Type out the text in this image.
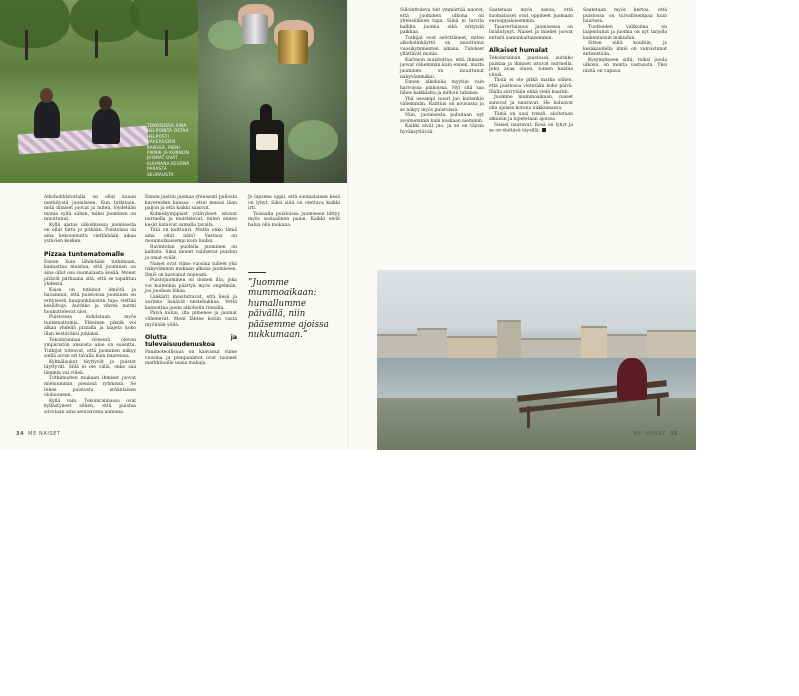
TOKOISISSA AINA HELPOINTA OSTAA HELPOSTI KAVEREIDEN KANSSA. PIENI PIKNIK JA KUNNON JUOMAT OVAT KUUMANA KESÄNÄ PARASTA SEURAUSTA.

Alkoholihistorialla on ollut kauan merkitystä juomiseen. Kun tutkitaan, mitä ihmiset juovat ja miten, löydetään monia syitä siihen, miksi juominen on muuttunut.

Kyllä ajatus ulkoilmassa juomisesta on ollut tuttu jo pitkään. Puistoissa on aina kokoonnuttu viettämään aikaa ystävien kesken.

Pizzaa tuntematomalle

Ennen kuin lähdetään tutkimaan, kannattaa muistaa, että juominen on aina ollut osa suomalaista kesää. Monet pitävät parhaana sitä, että se tapahtuu yhdessä.

Kaisa on tutkinut ilmiötä ja havainnut, että puistoissa juominen on erityisesti kaupunkilaisten tapa viettää kesäiltoja. Aurinko ja vihreä nurmi houkuttelevat ulos.

Puistoissa kohdataan myös tuntemattomia. Yhteinen piknik voi alkaa yhdellä pizzalla ja laajeta koko illan kestäväksi juhlaksi.

Tokoinrannan vireessä olevan ympäristön ansiosta alue on suosittu. Tutkijat toteavat, että juominen näkyy siellä aivan eri tavalla kuin baareissa.

Kylmälaukut täyttyvät ja puistot täyttyvät. Sillä ei ole väliä, onko sää lämmin vai viileä.

Tutkimusten mukaan ihmiset juovat mieluummin pienissä ryhmissä. Se tekee puistosta eräänlaisen olohuoneen.

Kyllä vain. Tokoinrannassa ovat kyllästyneet siihen, että puistoa siivotaan aina seuraavana aamuna.

Ennen juotiin juomaa yhteisesti pullosta kavereiden kanssa – ettei menisi liian paljon ja että kaikki saisivat.

Kolmekymppiset ystävykset istuvat nurmella ja muistelevat, miten ennen kesät kuluivat samalla tavalla.

Tätä on kulttuuri. Mutta onko tämä aina ollut näin? Vastaus on monimutkaisempi kuin luulisi.

Ravintolan puolella juominen on kallista. Siksi monet valitsevat puiston ja omat eväät.

Naiset ovat viime vuosina tulleet yhä näkyvämmin mukaan ulkona juomiseen. Ilmiö on kasvanut nopeasti.

Puistojuominen on iloinen ilta, joka voi kuitenkin päättyä myös ongelmiin, jos juodaan liikaa.

Lääkärit muistuttavat, että kesä ja aurinko lisäävät nestehukkaa. Vettä kannattaa juoda alkoholin rinnalla.

Päivä kuluu, ilta pimenee ja juomat vähenevät. Moni lähtee kotiin vasta myöhään yöllä.

Olutta ja tulevaisuudenuskoa

Panimoteollisuus on kasvanut viime vuosina ja pienpanimot ovat tuoneet markkinoille uusia makuja.

Jo lapsena oppii, että suomalainen kesä on lyhyt. Siksi siitä on otettava kaikki irti.

Toisaalta puistoissa juomiseen liittyy myös sosiaalinen paine. Kaikki eivät halua olla mukana.

”Juomme mummoaikaan: humallumme päivällä, niin pääsemme ajoissa nukkumaan.”

Sillointtuleva tiet ymmärtää nuoret, että juominen ulkona on yhteisöllinen tapa. Siinä ei tarvita kalliita juomia eikä erityistä paikkaa.

Tutkijat ovat selvittäneet, miten alkoholinkäyttö on muuttunut vuosikymmenten aikana. Tulokset yllättävät monia.

Karlsson muistuttaa, että ihmiset juovat vähemmän kuin ennen, mutta juominen on muuttunut näkyvämmäksi.

Ennen alkoholia myytiin vain harvoissa paikoissa. Nyt sitä saa lähes kaikkialta ja milloin tahansa.

Yhä useampi nuori juo kuitenkin vähemmän. Raittius on nousussa ja se näkyy myös puistoissa.

Niin, juomisesta puhutaan nyt avoimemmin kuin koskaan aiemmin.

Kaikki eivät juo, ja se on täysin hyväksyttävää.

Saatetaan myös sanoa, että suomalaiset ovat oppineet juomaan eurooppalaisemmin.

Tasavertaisuus juomisessa on lisääntynyt. Naiset ja miehet juovat entistä samankaltaisemmin.

Alkaiset humalat

Tokoinrannan puistossa aurinko paistaa ja ihmiset istuvat nurmella. Joku avaa oluen, toinen kaataa viiniä.

Tästä ei ole pitkä matka siihen, että puistossa vietetään koko päivä. Illalla siirrytään ehkä vielä baariin.

Juomme mummoaikaan, naiset sanovat ja nauravat. He haluavat olla ajoissa kotona nukkumassa.

Tämä on uusi trendi: aloitetaan aikaisin ja lopetetaan ajoissa.

Naiset nauravat. Kesä on lyhyt ja se on elettävä täysillä.

Saatetaan myös kertoa, että puistossa on turvallisempaa kuin baarissa.

Tuotteiden valikoima on laajentunut ja juomia on nyt tarjolla kaikenlaisiin makuihin.

Sitten niitä kuultiin, ja kesäkaudella ilmiö on vahvistunut entisestään.

Kysymykseen siitä, miksi juoda ulkona, on monta vastausta. Yksi niistä on vapaus.

HELSINGIN KESÄILLASSA ON SEKÄ HETKEN RAUHAA ETTÄ PALJON TEKEMISTÄ.
34 ME NAISET	ME NAISET 35
